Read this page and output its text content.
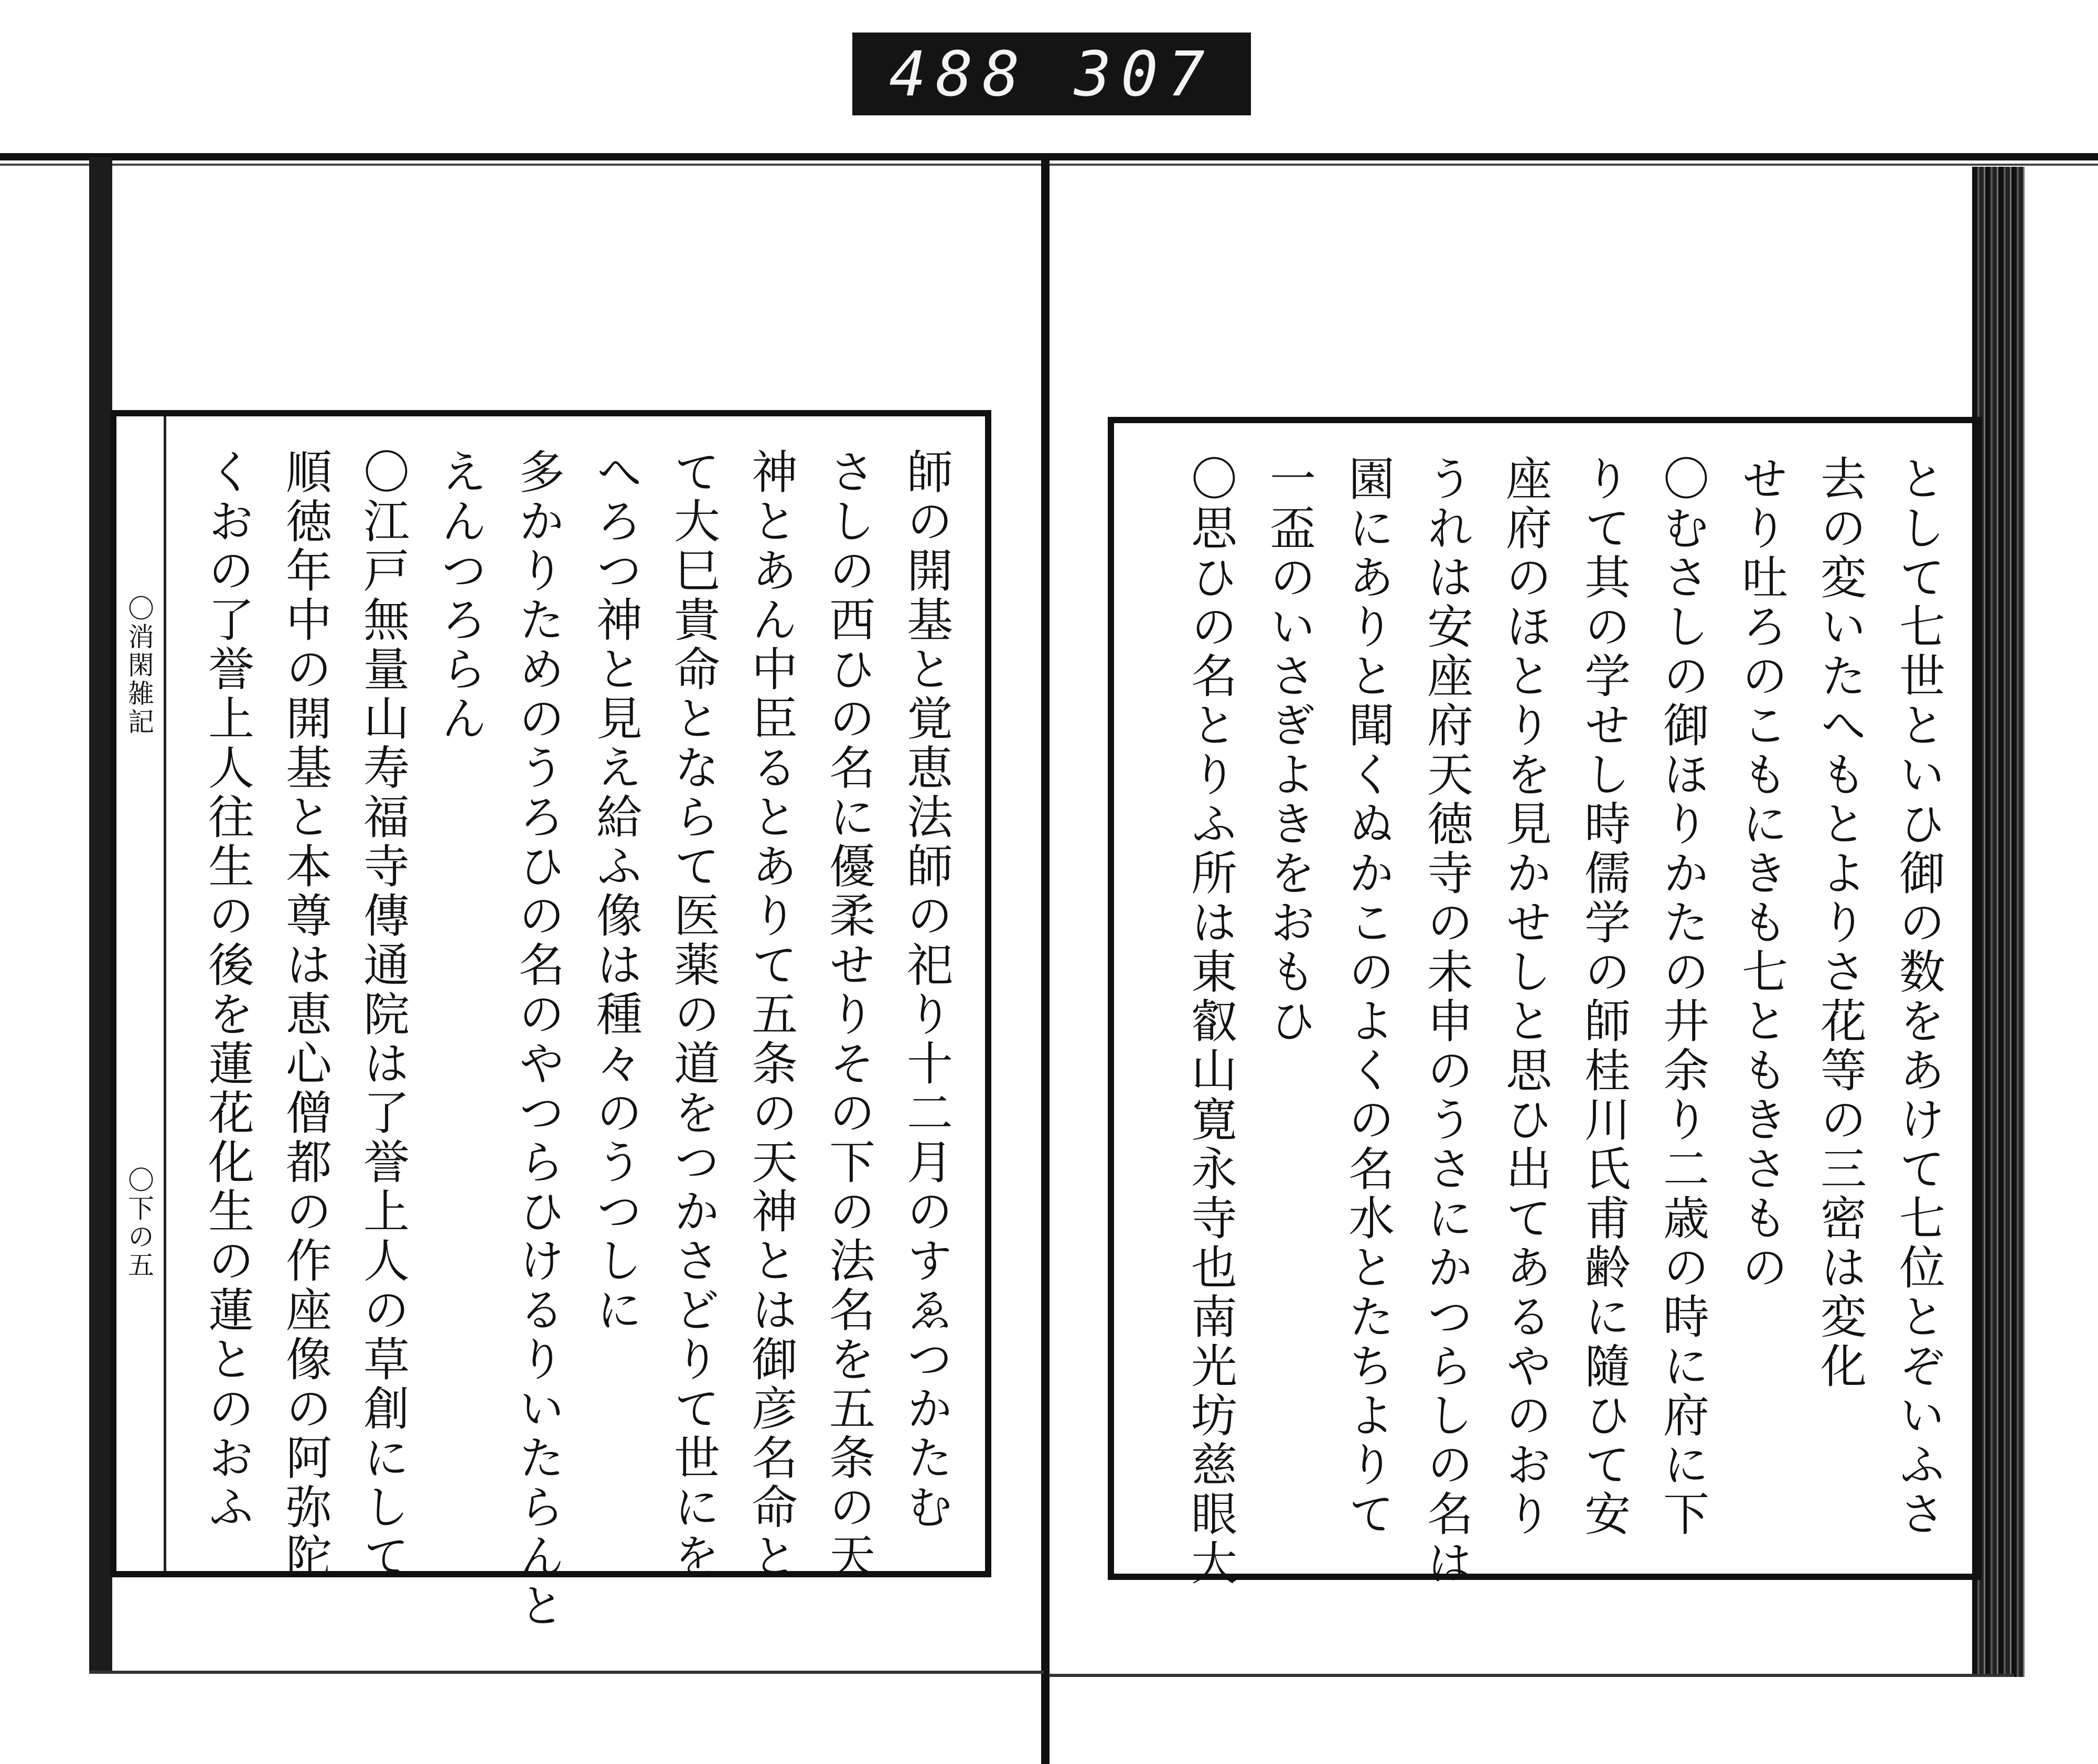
488 307
〇消閑雑記
〇下の五	師の開基と覚恵法師の祀り十二月のすゑつかたむ
さしの西ひの名に優柔せりその下の法名を五条の天
神とあん中臣るとありて五条の天神とは御彦名命と
て大巳貴命とならて医薬の道をつかさどりて世にを
へろつ神と見え給ふ像は種々のうつしに
多かりためのうろひの名のやつらひけるりいたらんと
えんつろらん
〇江戸無量山寿福寺傳通院は了誉上人の草創にして
順徳年中の開基と本尊は恵心僧都の作座像の阿弥陀
くおの了誉上人往生の後を蓮花化生の蓮とのおふ	として七世といひ御の数をあけて七位とぞいふさ
去の変いたへもとよりさ花等の三密は変化
せり吐ろのこもにきも七ともきさもの
〇むさしの御ほりかたの井余り二歳の時に府に下
りて其の学せし時儒学の師桂川氏甫齢に隨ひて安
座府のほとりを見かせしと思ひ出てあるやのおり
うれは安座府天徳寺の未申のうさにかつらしの名は
園にありと聞くぬかこのよくの名水とたちよりて
一盃のいさぎよきをおもひ
〇思ひの名とりふ所は東叡山寛永寺也南光坊慈眼大
